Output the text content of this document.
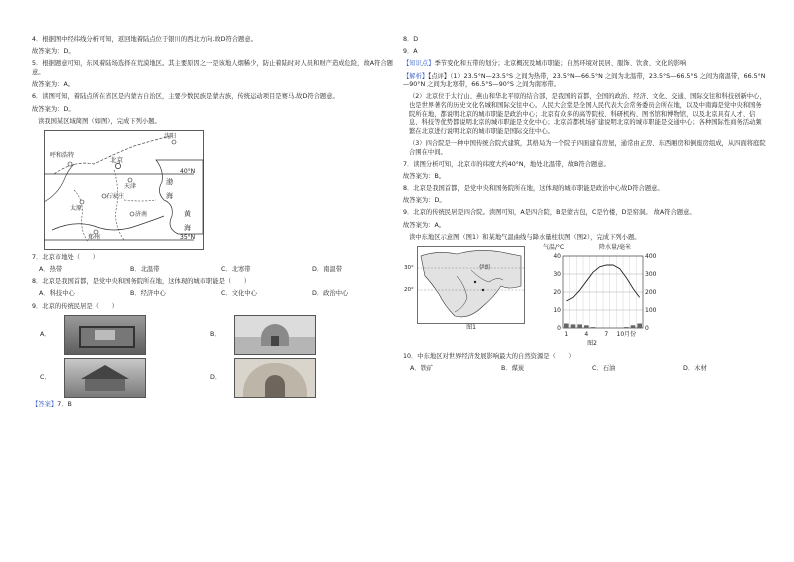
4．根据图中经纬线分析可知，返回地着陆点位于银川的西北方向.故D符合题意。

故答案为：D。

5．根据题意可知，东风着陆场选择在荒漠地区。其主要原因之一是该地人烟稀少，防止着陆时对人员和财产造成危险，故A符合题意。

故答案为：A。

6．读图可知，着陆点所在省区是内蒙古自治区，主要少数民族是蒙古族，传统运动项目是赛马.故D符合题意。

故答案为：D。

读我国某区域简图（如图），完成下列小题。

沈阳
呼和浩特
北京
天津
太原
石家庄
济南
郑州
渤
海
黄
海
40°N
35°N

7．北京市地处（　　）

A．热带	B．北温带	C．北寒带	D．南温带

8．北京是我国首都，是党中央和国务院所在地，这体现的城市职能是（　　）

A．科技中心	B．经济中心	C．文化中心	D．政治中心

9．北京的传统民居是（　　）

A．	B．
C．	D．

【答案】7．B

8．D

9．A

【知识点】季节变化和五带的划分；北京概况及城市职能；自然环境对民居、服饰、饮食、文化的影响

【解析】【点评】（1）23.5°N—23.5°S 之间为热带，23.5°N—66.5°N 之间为北温带，23.5°S—66.5°S 之间为南温带，66.5°N—90°N 之间为北寒带，66.5°S—90°S 之间为南寒带。

（2）北京位于太行山、燕山和华北平原的结合部，是我国的首都，全国的政治、经济、文化、交通、国际交往和科技创新中心，也是世界著名的历史文化名城和国际交往中心。人民大会堂是全国人民代表大会常务委员会所在地，以及中南海是党中央和国务院所在地，都说明北京的城市职能是政治中心；北京有众多的高等院校、科研机构、图书馆和博物馆，以及北京具有人才、信息、科技等优势都说明北京的城市职能是文化中心；北京首都机场扩建说明北京的城市职能是交通中心；各种国际性商务活动频繁在北京进行说明北京的城市职能是国际交往中心。

（3）四合院是一种中国传统合院式建筑，其格局为一个院子四面建有房屋，通常由正房、东西厢房和倒座房组成，从四面将庭院合围在中间。

7．读图分析可知，北京市的纬度大约40°N，地处北温带，故B符合题意。

故答案为：B。

8．北京是我国首都，是党中央和国务院所在地，这体现的城市职能是政治中心故D符合题意。

故答案为：D。

9．北京的传统民居是四合院。读图可知，A是四合院，B是蒙古包，C是竹楼，D是窑洞。 故A符合题意。

故答案为：A。

读中东地区示意图（图1）和某地气温曲线与降水量柱状图（图2），完成下列小题。

伊朗
30°
20°
图1
气温/°C	降水量/毫米
40
30
20
10
0
400
300
200
100
0
1	4	7 10月份
图2

10．中东地区对世界经济发展影响最大的自然资源是（　　）

A．铁矿	B．煤炭	C．石油	D．木材
